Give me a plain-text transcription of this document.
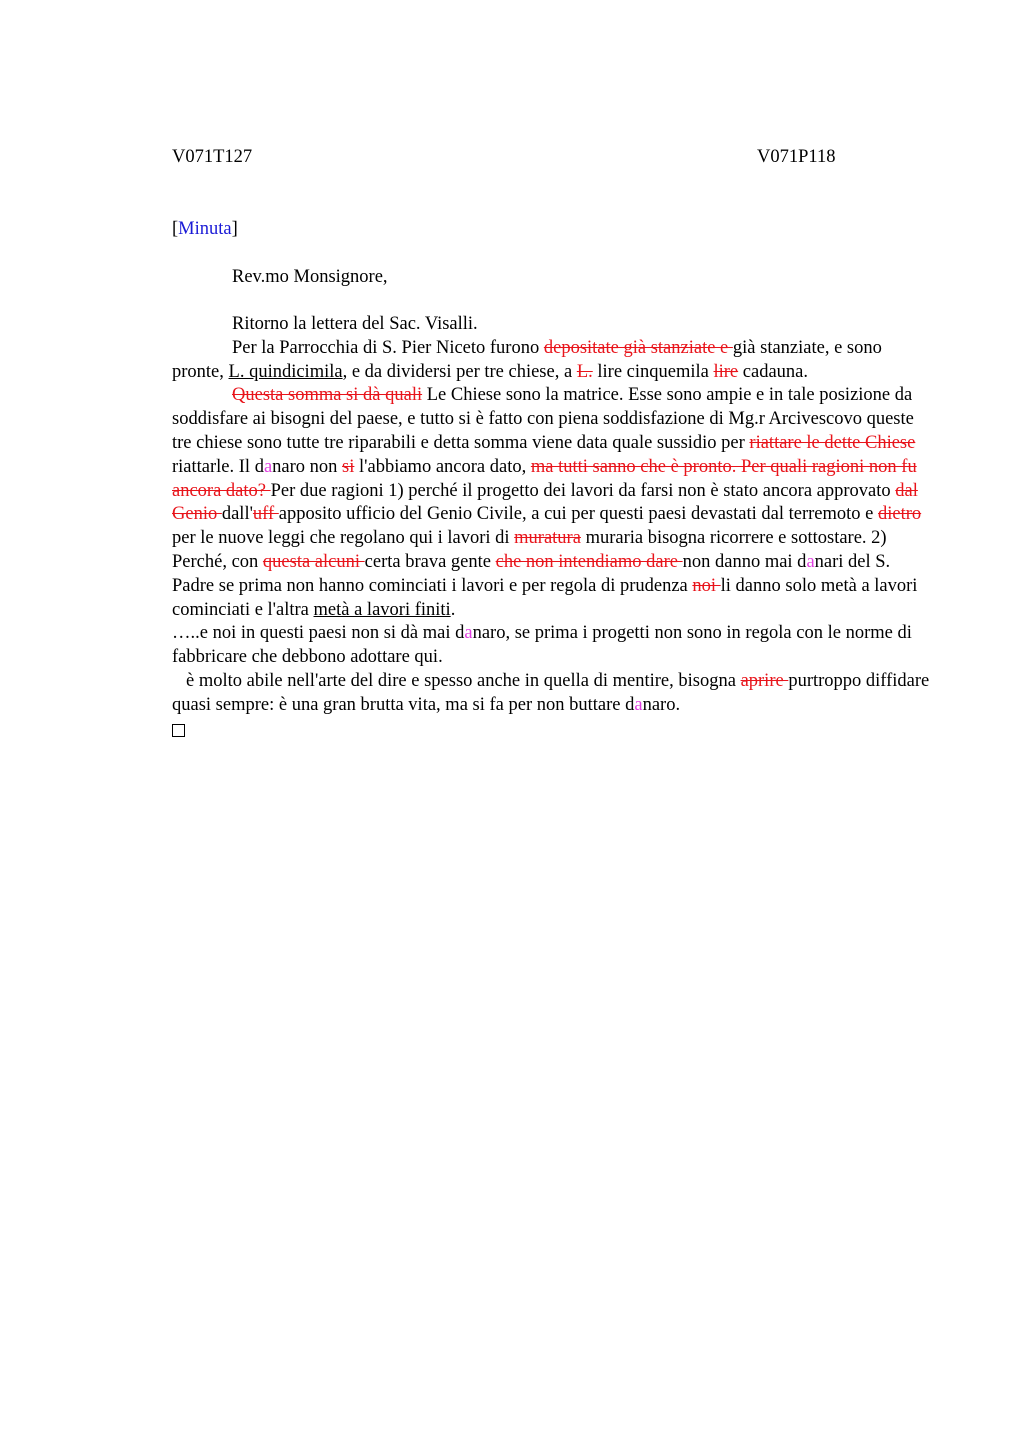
V071T127	V071P118
[Minuta]
Rev.mo Monsignore,

Ritorno la lettera del Sac. Visalli.

Per la Parrocchia di S. Pier Niceto furono depositate già stanziate e già stanziate, e sono pronte, L. quindicimila, e da dividersi per tre chiese, a L. lire cinquemila lire cadauna.

Questa somma si dà quali Le Chiese sono la matrice. Esse sono ampie e in tale posizione da soddisfare ai bisogni del paese, e tutto si è fatto con piena soddisfazione di Mg.r Arcivescovo queste tre chiese sono tutte tre riparabili e detta somma viene data quale sussidio per riattare le dette Chiese riattarle. Il danaro non si l'abbiamo ancora dato, ma tutti sanno che è pronto. Per quali ragioni non fu ancora dato? Per due ragioni 1) perché il progetto dei lavori da farsi non è stato ancora approvato dal Genio dall'uff apposito ufficio del Genio Civile, a cui per questi paesi devastati dal terremoto e dietro per le nuove leggi che regolano qui i lavori di muratura muraria bisogna ricorrere e sottostare. 2) Perché, con questa alcuni certa brava gente che non intendiamo dare non danno mai danari del S. Padre se prima non hanno cominciati i lavori e per regola di prudenza noi li danno solo metà a lavori cominciati e l'altra metà a lavori finiti.

…..e noi in questi paesi non si dà mai danaro, se prima i progetti non sono in regola con le norme di fabbricare che debbono adottare qui.

è molto abile nell'arte del dire e spesso anche in quella di mentire, bisogna aprire purtroppo diffidare quasi sempre: è una gran brutta vita, ma si fa per non buttare danaro.
